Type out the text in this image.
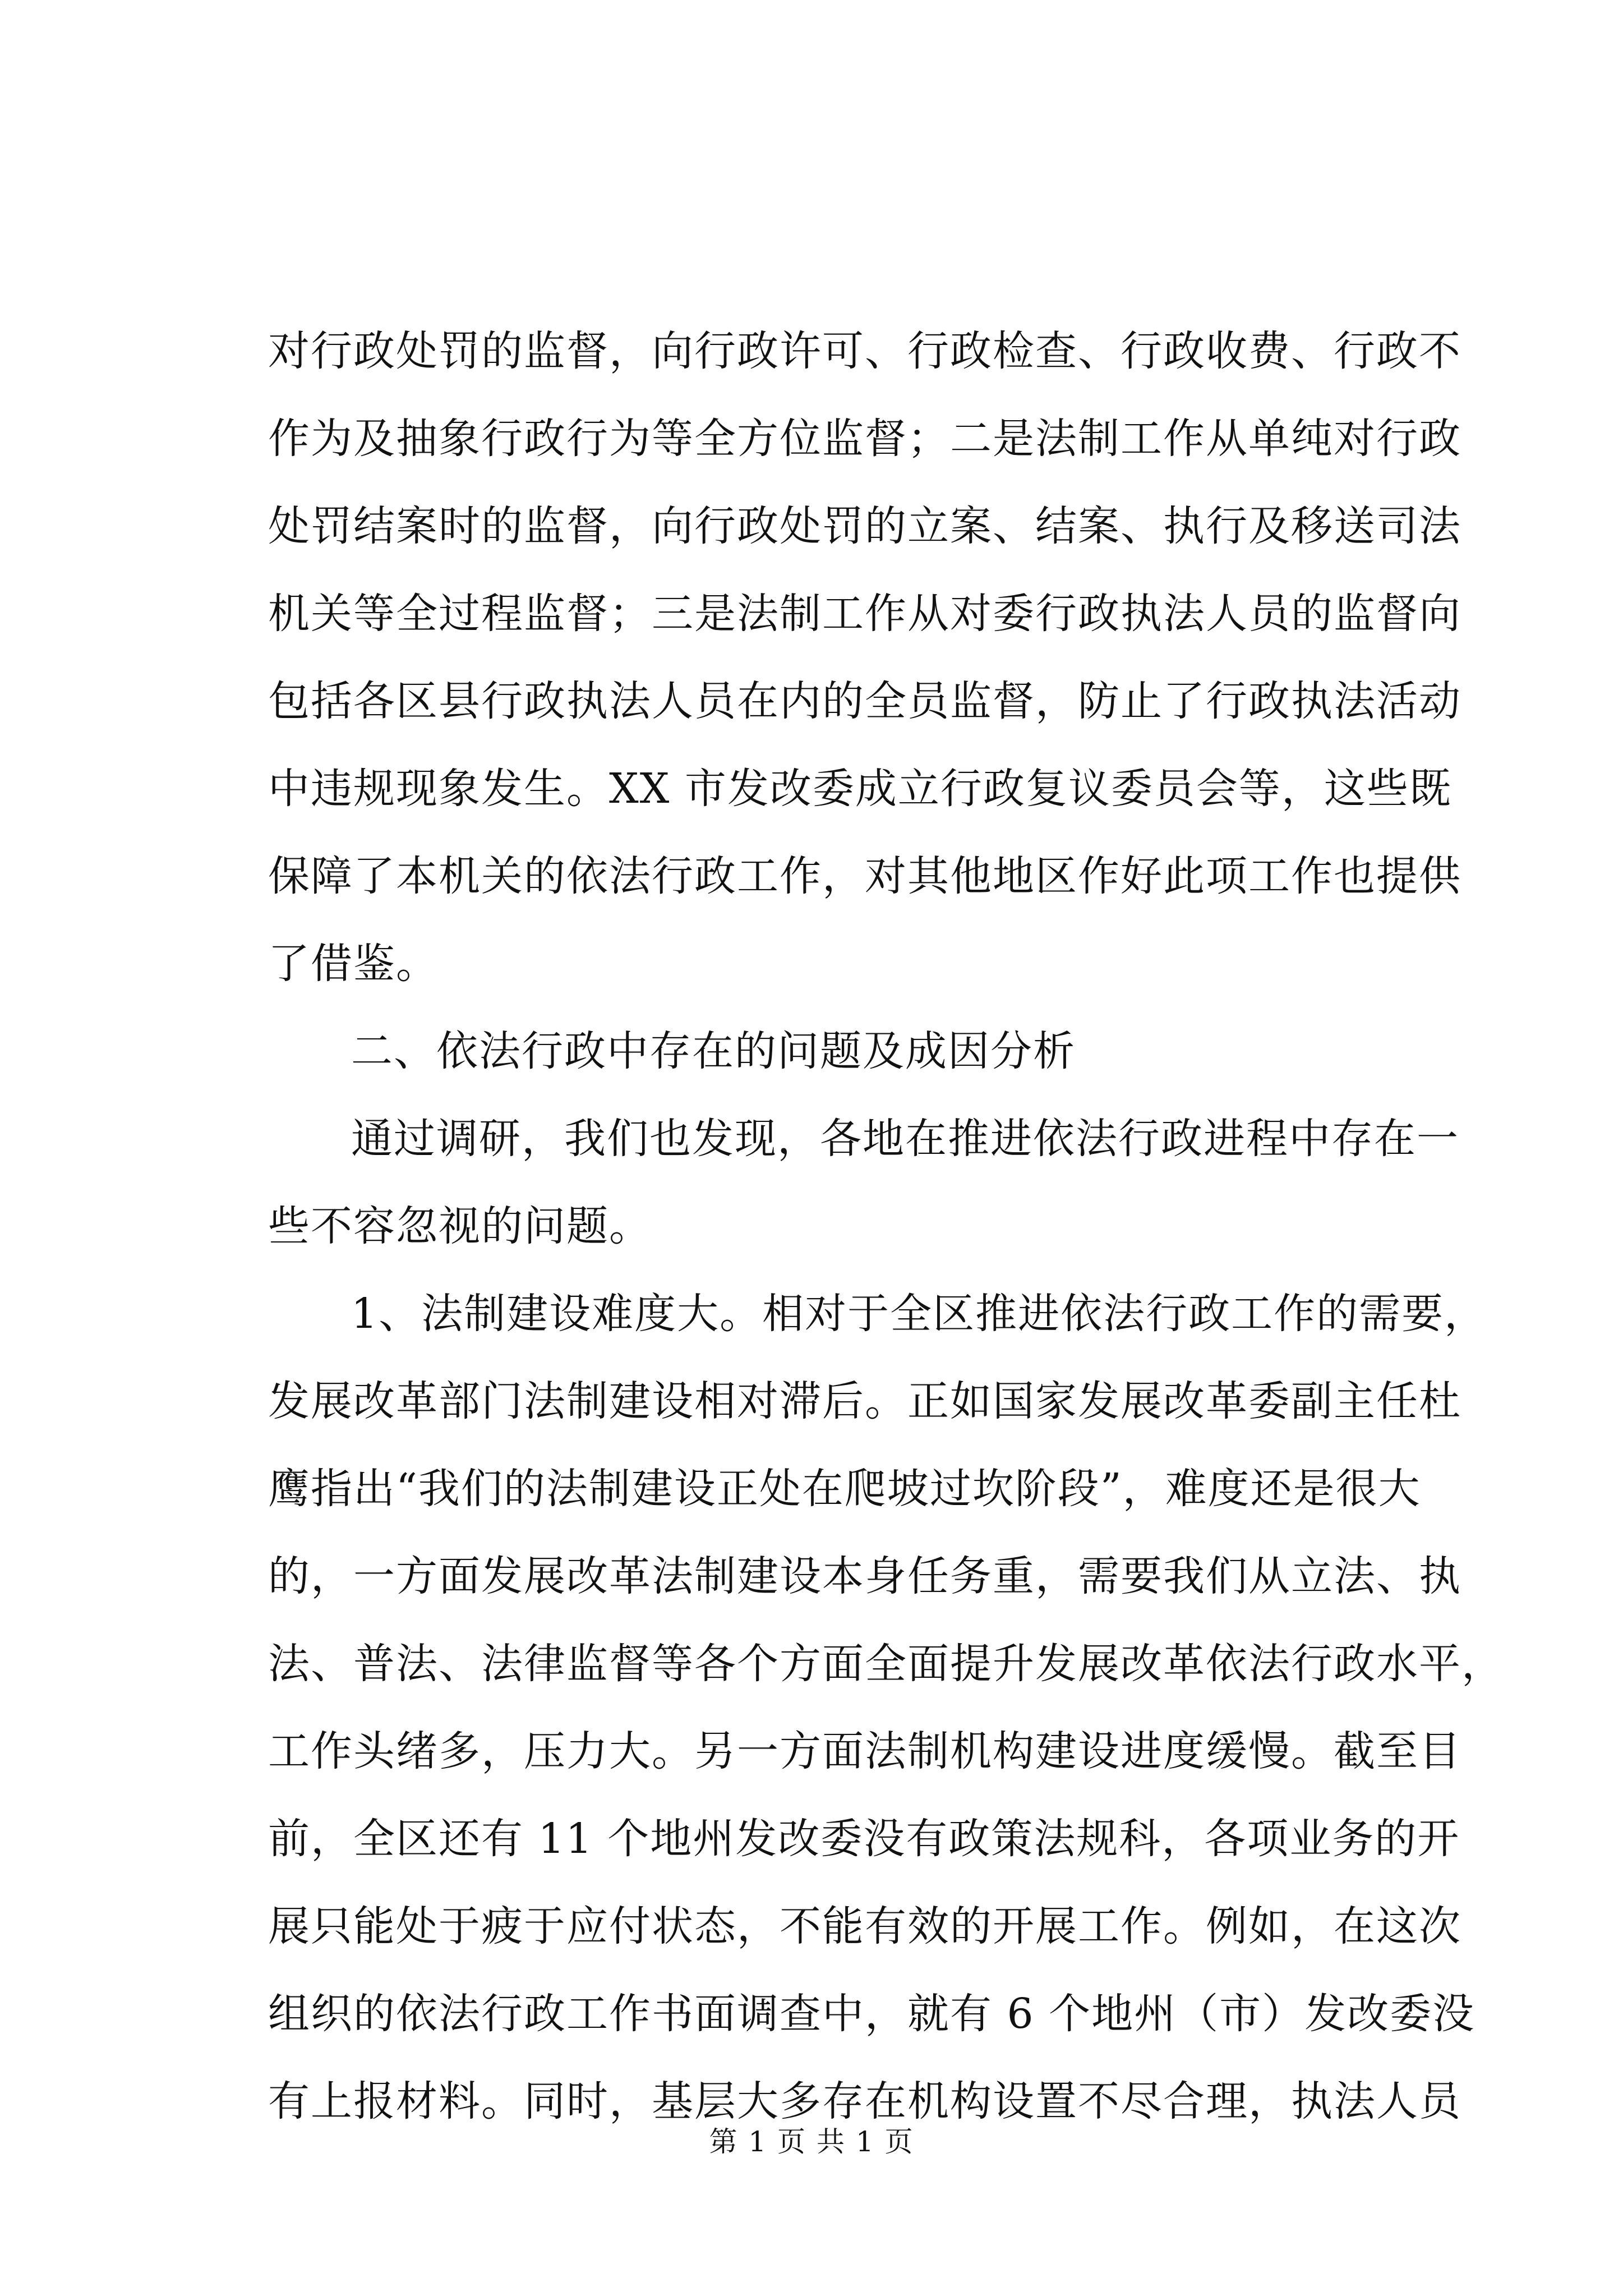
对行政处罚的监督，向行政许可、行政检查、行政收费、行政不
作为及抽象行政行为等全方位监督；二是法制工作从单纯对行政
处罚结案时的监督，向行政处罚的立案、结案、执行及移送司法
机关等全过程监督；三是法制工作从对委行政执法人员的监督向
包括各区县行政执法人员在内的全员监督，防止了行政执法活动
中违规现象发生。XX 市发改委成立行政复议委员会等，这些既
保障了本机关的依法行政工作，对其他地区作好此项工作也提供
了借鉴。
二、依法行政中存在的问题及成因分析
通过调研，我们也发现，各地在推进依法行政进程中存在一
些不容忽视的问题。
1、法制建设难度大。相对于全区推进依法行政工作的需要，
发展改革部门法制建设相对滞后。正如国家发展改革委副主任杜
鹰指出“我们的法制建设正处在爬坡过坎阶段”，难度还是很大
的，一方面发展改革法制建设本身任务重，需要我们从立法、执
法、普法、法律监督等各个方面全面提升发展改革依法行政水平，
工作头绪多，压力大。另一方面法制机构建设进度缓慢。截至目
前，全区还有 11 个地州发改委没有政策法规科，各项业务的开
展只能处于疲于应付状态，不能有效的开展工作。例如，在这次
组织的依法行政工作书面调查中，就有 6 个地州（市）发改委没
有上报材料。同时，基层大多存在机构设置不尽合理，执法人员
第 1 页 共 1 页
